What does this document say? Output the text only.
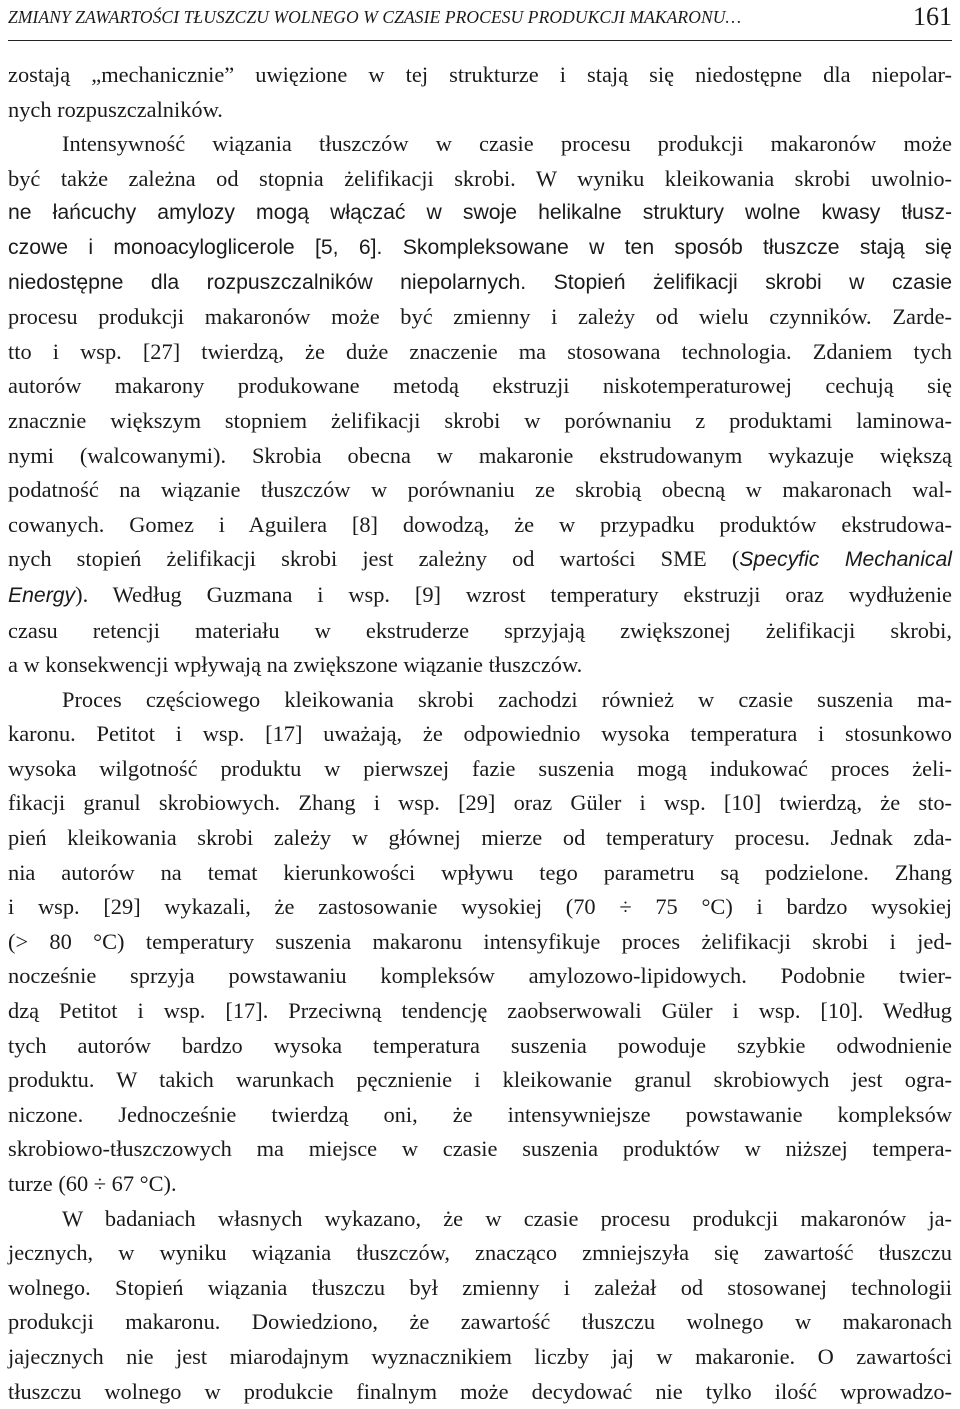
ZMIANY ZAWARTOŚCI TŁUSZCZU WOLNEGO W CZASIE PROCESU PRODUKCJI MAKARONU…	161

zostają „mechanicznie” uwięzione w tej strukturze i stają się niedostępne dla niepolar-
nych rozpuszczalników.

Intensywność wiązania tłuszczów w czasie procesu produkcji makaronów może
być także zależna od stopnia żelifikacji skrobi. W wyniku kleikowania skrobi uwolnio-
ne łańcuchy amylozy mogą włączać w swoje helikalne struktury wolne kwasy tłusz-
czowe i monoacyloglicerole [5, 6]. Skompleksowane w ten sposób tłuszcze stają się
niedostępne dla rozpuszczalników niepolarnych. Stopień żelifikacji skrobi w czasie
procesu produkcji makaronów może być zmienny i zależy od wielu czynników. Zarde-
tto i wsp. [27] twierdzą, że duże znaczenie ma stosowana technologia. Zdaniem tych
autorów makarony produkowane metodą ekstruzji niskotemperaturowej cechują się
znacznie większym stopniem żelifikacji skrobi w porównaniu z produktami laminowa-
nymi (walcowanymi). Skrobia obecna w makaronie ekstrudowanym wykazuje większą
podatność na wiązanie tłuszczów w porównaniu ze skrobią obecną w makaronach wal-
cowanych. Gomez i Aguilera [8] dowodzą, że w przypadku produktów ekstrudowa-
nych stopień żelifikacji skrobi jest zależny od wartości SME (Specyfic Mechanical
Energy). Według Guzmana i wsp. [9] wzrost temperatury ekstruzji oraz wydłużenie
czasu retencji materiału w ekstruderze sprzyjają zwiększonej żelifikacji skrobi,
a w konsekwencji wpływają na zwiększone wiązanie tłuszczów.

Proces częściowego kleikowania skrobi zachodzi również w czasie suszenia ma-
karonu. Petitot i wsp. [17] uważają, że odpowiednio wysoka temperatura i stosunkowo
wysoka wilgotność produktu w pierwszej fazie suszenia mogą indukować proces żeli-
fikacji granul skrobiowych. Zhang i wsp. [29] oraz Güler i wsp. [10] twierdzą, że sto-
pień kleikowania skrobi zależy w głównej mierze od temperatury procesu. Jednak zda-
nia autorów na temat kierunkowości wpływu tego parametru są podzielone. Zhang
i wsp. [29] wykazali, że zastosowanie wysokiej (70 ÷ 75 °C) i bardzo wysokiej
(> 80 °C) temperatury suszenia makaronu intensyfikuje proces żelifikacji skrobi i jed-
nocześnie sprzyja powstawaniu kompleksów amylozowo-lipidowych. Podobnie twier-
dzą Petitot i wsp. [17]. Przeciwną tendencję zaobserwowali Güler i wsp. [10]. Według
tych autorów bardzo wysoka temperatura suszenia powoduje szybkie odwodnienie
produktu. W takich warunkach pęcznienie i kleikowanie granul skrobiowych jest ogra-
niczone. Jednocześnie twierdzą oni, że intensywniejsze powstawanie kompleksów
skrobiowo-tłuszczowych ma miejsce w czasie suszenia produktów w niższej tempera-
turze (60 ÷ 67 °C).

W badaniach własnych wykazano, że w czasie procesu produkcji makaronów ja-
jecznych, w wyniku wiązania tłuszczów, znacząco zmniejszyła się zawartość tłuszczu
wolnego. Stopień wiązania tłuszczu był zmienny i zależał od stosowanej technologii
produkcji makaronu. Dowiedziono, że zawartość tłuszczu wolnego w makaronach
jajecznych nie jest miarodajnym wyznacznikiem liczby jaj w makaronie. O zawartości
tłuszczu wolnego w produkcie finalnym może decydować nie tylko ilość wprowadzo-
